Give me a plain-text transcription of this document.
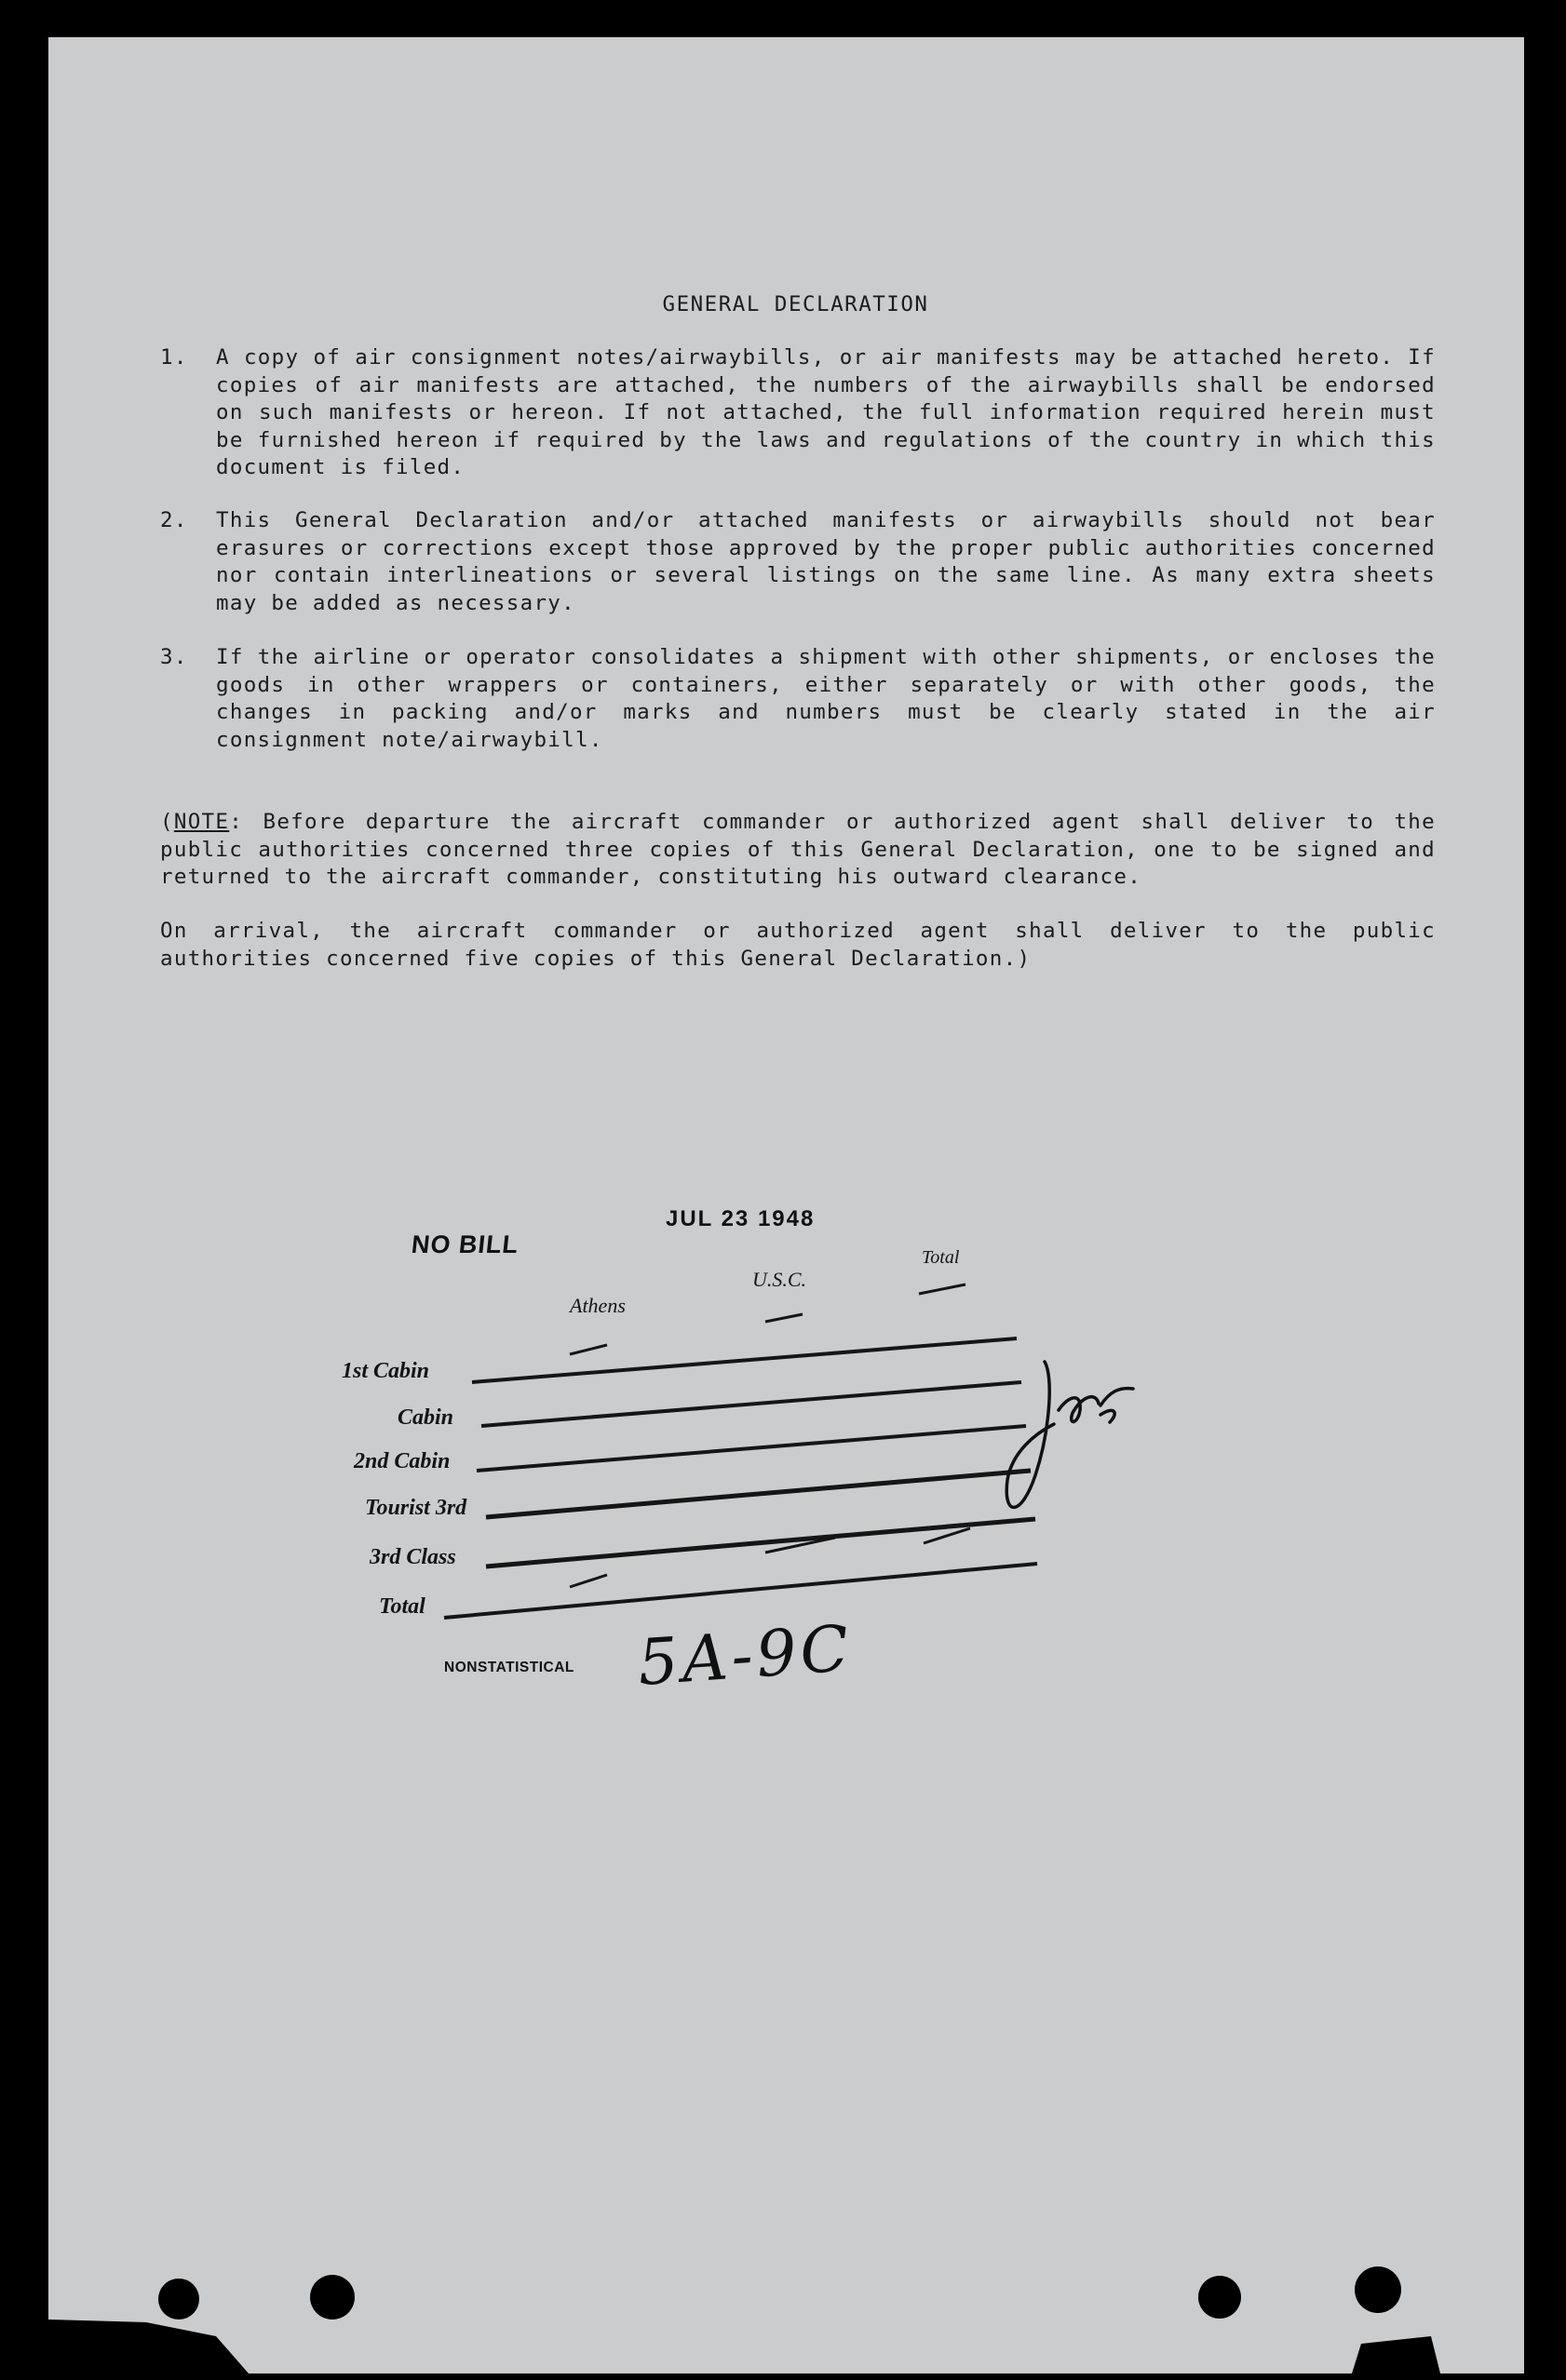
GENERAL DECLARATION
1. A copy of air consignment notes/airwaybills, or air manifests may be attached hereto. If copies of air manifests are attached, the numbers of the airwaybills shall be endorsed on such manifests or hereon. If not attached, the full information required herein must be furnished hereon if required by the laws and regulations of the country in which this document is filed.
2. This General Declaration and/or attached manifests or airwaybills should not bear erasures or corrections except those approved by the proper public authorities concerned nor contain interlineations or several listings on the same line. As many extra sheets may be added as necessary.
3. If the airline or operator consolidates a shipment with other shipments, or encloses the goods in other wrappers or containers, either separately or with other goods, the changes in packing and/or marks and numbers must be clearly stated in the air consignment note/airwaybill.
(NOTE: Before departure the aircraft commander or authorized agent shall deliver to the public authorities concerned three copies of this General Declaration, one to be signed and returned to the aircraft commander, constituting his outward clearance.
On arrival, the aircraft commander or authorized agent shall deliver to the public authorities concerned five copies of this General Declaration.)
NO BILL
JUL 23 1948
Athens
U.S.C.
Total
1st Cabin
Cabin
2nd Cabin
Tourist 3rd
3rd Class
Total
NONSTATISTICAL 5A-9C
